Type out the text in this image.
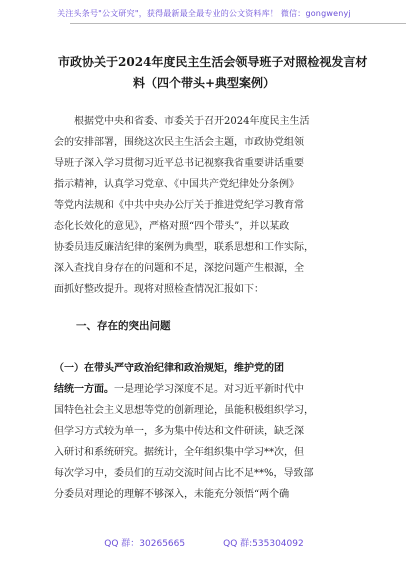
关注头条号"公文研究"，获得最新最全最专业的公文资料库！ 微信：gongwenyj
市政协关于2024年度民主生活会领导班子对照检视发言材
料（四个带头+典型案例）
　　根据党中央和省委、市委关于召开2024年度民主生活
会的安排部署，围绕这次民主生活会主题，市政协党组领
导班子深入学习贯彻习近平总书记视察我省重要讲话重要
指示精神，认真学习党章、《中国共产党纪律处分条例》
等党内法规和《中共中央办公厅关于推进党纪学习教育常
态化长效化的意见》，严格对照“四个带头”，并以某政
协委员违反廉洁纪律的案例为典型，联系思想和工作实际，
深入查找自身存在的问题和不足，深挖问题产生根源，全
面抓好整改提升。现将对照检查情况汇报如下：
一、存在的突出问题
（一）在带头严守政治纪律和政治规矩，维护党的团
结统一方面。一是理论学习深度不足。对习近平新时代中
国特色社会主义思想等党的创新理论，虽能积极组织学习，
但学习方式较为单一，多为集中传达和文件研读，缺乏深
入研讨和系统研究。据统计，全年组织集中学习**次，但
每次学习中，委员们的互动交流时间占比不足**%，导致部
分委员对理论的理解不够深入，未能充分领悟“两个确
QQ 群：30265665	QQ 群:535304092
